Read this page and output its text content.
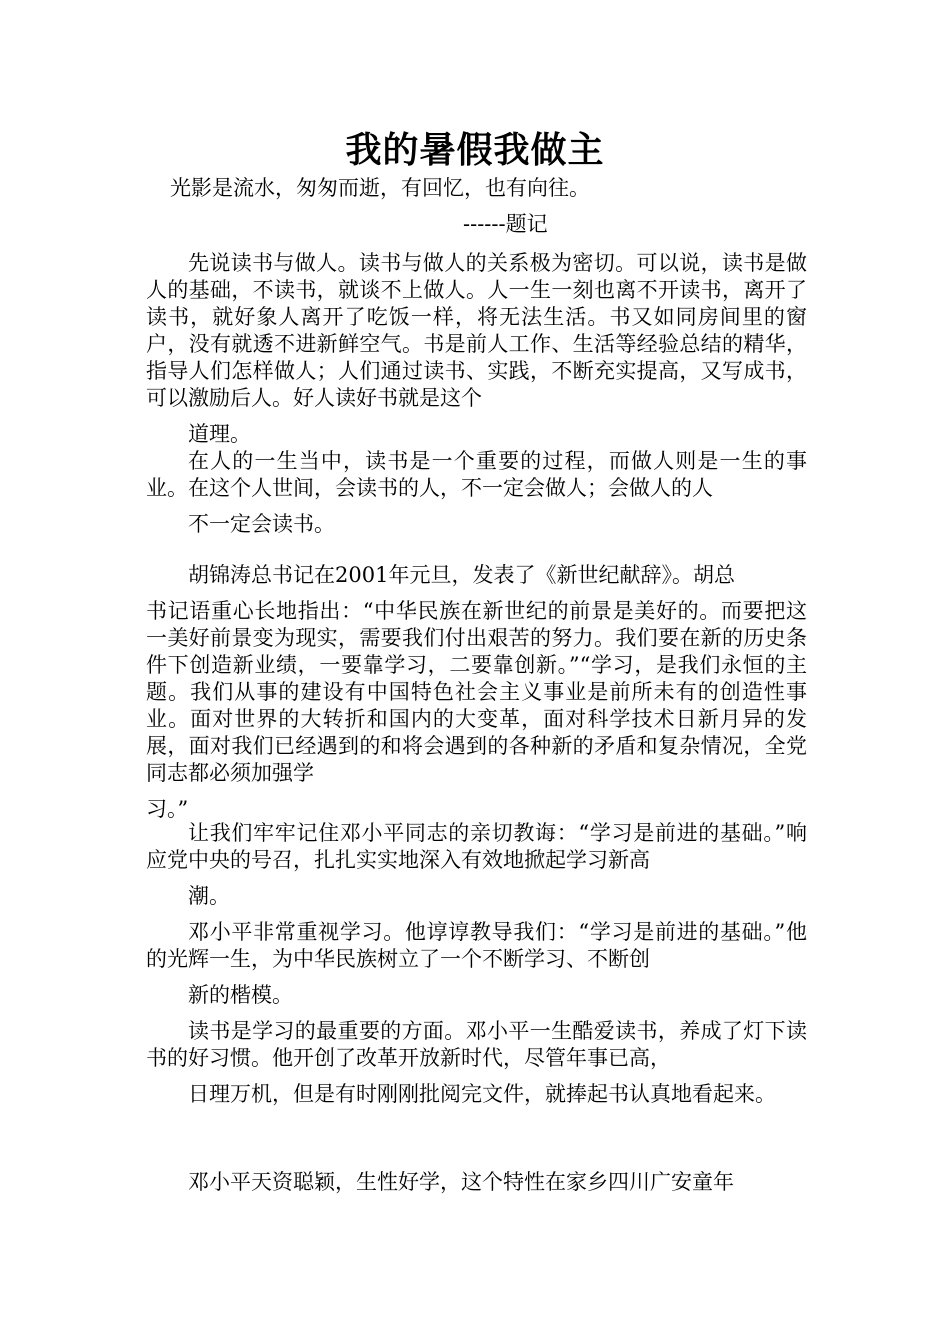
我的暑假我做主
光影是流水，匆匆而逝，有回忆，也有向往。
------题记

先说读书与做人。读书与做人的关系极为密切。可以说，读书是做人的基础，不读书，就谈不上做人。人一生一刻也离不开读书，离开了读书，就好象人离开了吃饭一样，将无法生活。书又如同房间里的窗户，没有就透不进新鲜空气。书是前人工作、生活等经验总结的精华，指导人们怎样做人；人们通过读书、实践，不断充实提高，又写成书，可以激励后人。好人读好书就是这个
道理。

在人的一生当中，读书是一个重要的过程，而做人则是一生的事业。在这个人世间，会读书的人，不一定会做人；会做人的人
不一定会读书。

胡锦涛总书记在2001年元旦，发表了《新世纪献辞》。胡总
书记语重心长地指出：“中华民族在新世纪的前景是美好的。而要把这一美好前景变为现实，需要我们付出艰苦的努力。我们要在新的历史条件下创造新业绩，一要靠学习，二要靠创新。”“学习，是我们永恒的主题。我们从事的建设有中国特色社会主义事业是前所未有的创造性事业。面对世界的大转折和国内的大变革，面对科学技术日新月异的发展，面对我们已经遇到的和将会遇到的各种新的矛盾和复杂情况，全党同志都必须加强学
习。”

让我们牢牢记住邓小平同志的亲切教诲：“学习是前进的基础。”响应党中央的号召，扎扎实实地深入有效地掀起学习新高
潮。

邓小平非常重视学习。他谆谆教导我们：“学习是前进的基础。”他的光辉一生，为中华民族树立了一个不断学习、不断创
新的楷模。

读书是学习的最重要的方面。邓小平一生酷爱读书，养成了灯下读书的好习惯。他开创了改革开放新时代，尽管年事已高，
日理万机，但是有时刚刚批阅完文件，就捧起书认真地看起来。

邓小平天资聪颖，生性好学，这个特性在家乡四川广安童年
